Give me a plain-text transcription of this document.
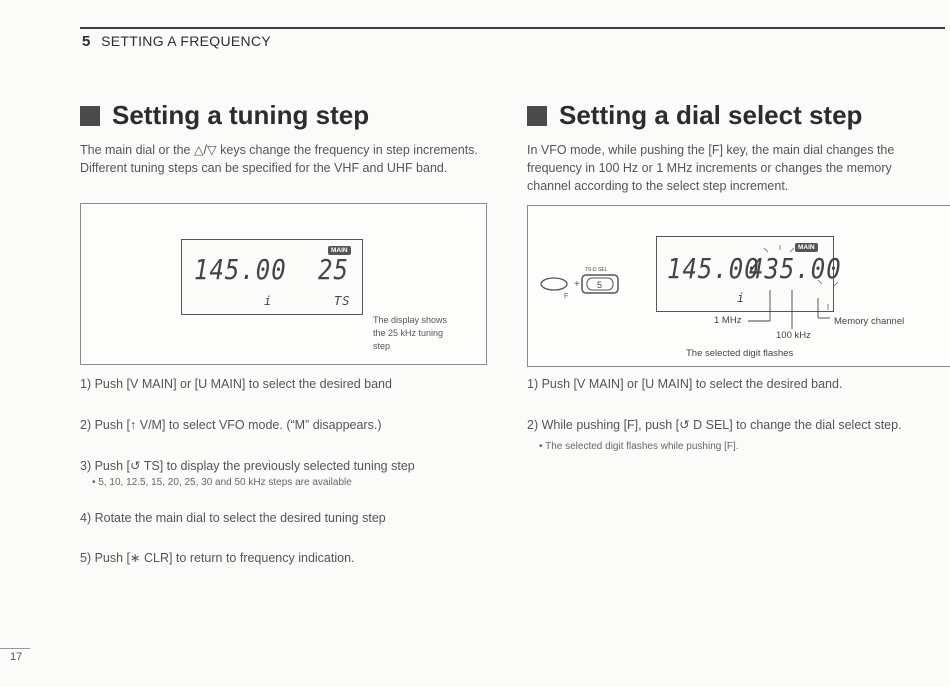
5 SETTING A FREQUENCY
Setting a tuning step

The main dial or the △/▽ keys change the frequency in step increments. Different tuning steps can be specified for the VHF and UHF band.

MAIN
145.00 25
i	TS
The display shows
the 25 kHz tuning
step
1) Push [V MAIN] or [U MAIN] to select the desired band
2) Push [↑ V/M] to select VFO mode. (“M” disappears.)
3) Push [↺ TS] to display the previously selected tuning step
• 5, 10, 12.5, 15, 20, 25, 30 and 50 kHz steps are available
4) Rotate the main dial to select the desired tuning step
5) Push [∗ CLR] to return to frequency indication.
Setting a dial select step

In VFO mode, while pushing the [F] key, the main dial changes the frequency in 100 Hz or 1 MHz increments or changes the memory channel according to the select step increment.

F
+ 5
TS·D SEL
MAIN
145.00
435.00
i
1 MHz
100 kHz
Memory channel
The selected digit flashes
1) Push [V MAIN] or [U MAIN] to select the desired band.
2) While pushing [F], push [↺ D SEL] to change the dial select step.
• The selected digit flashes while pushing [F].
17
